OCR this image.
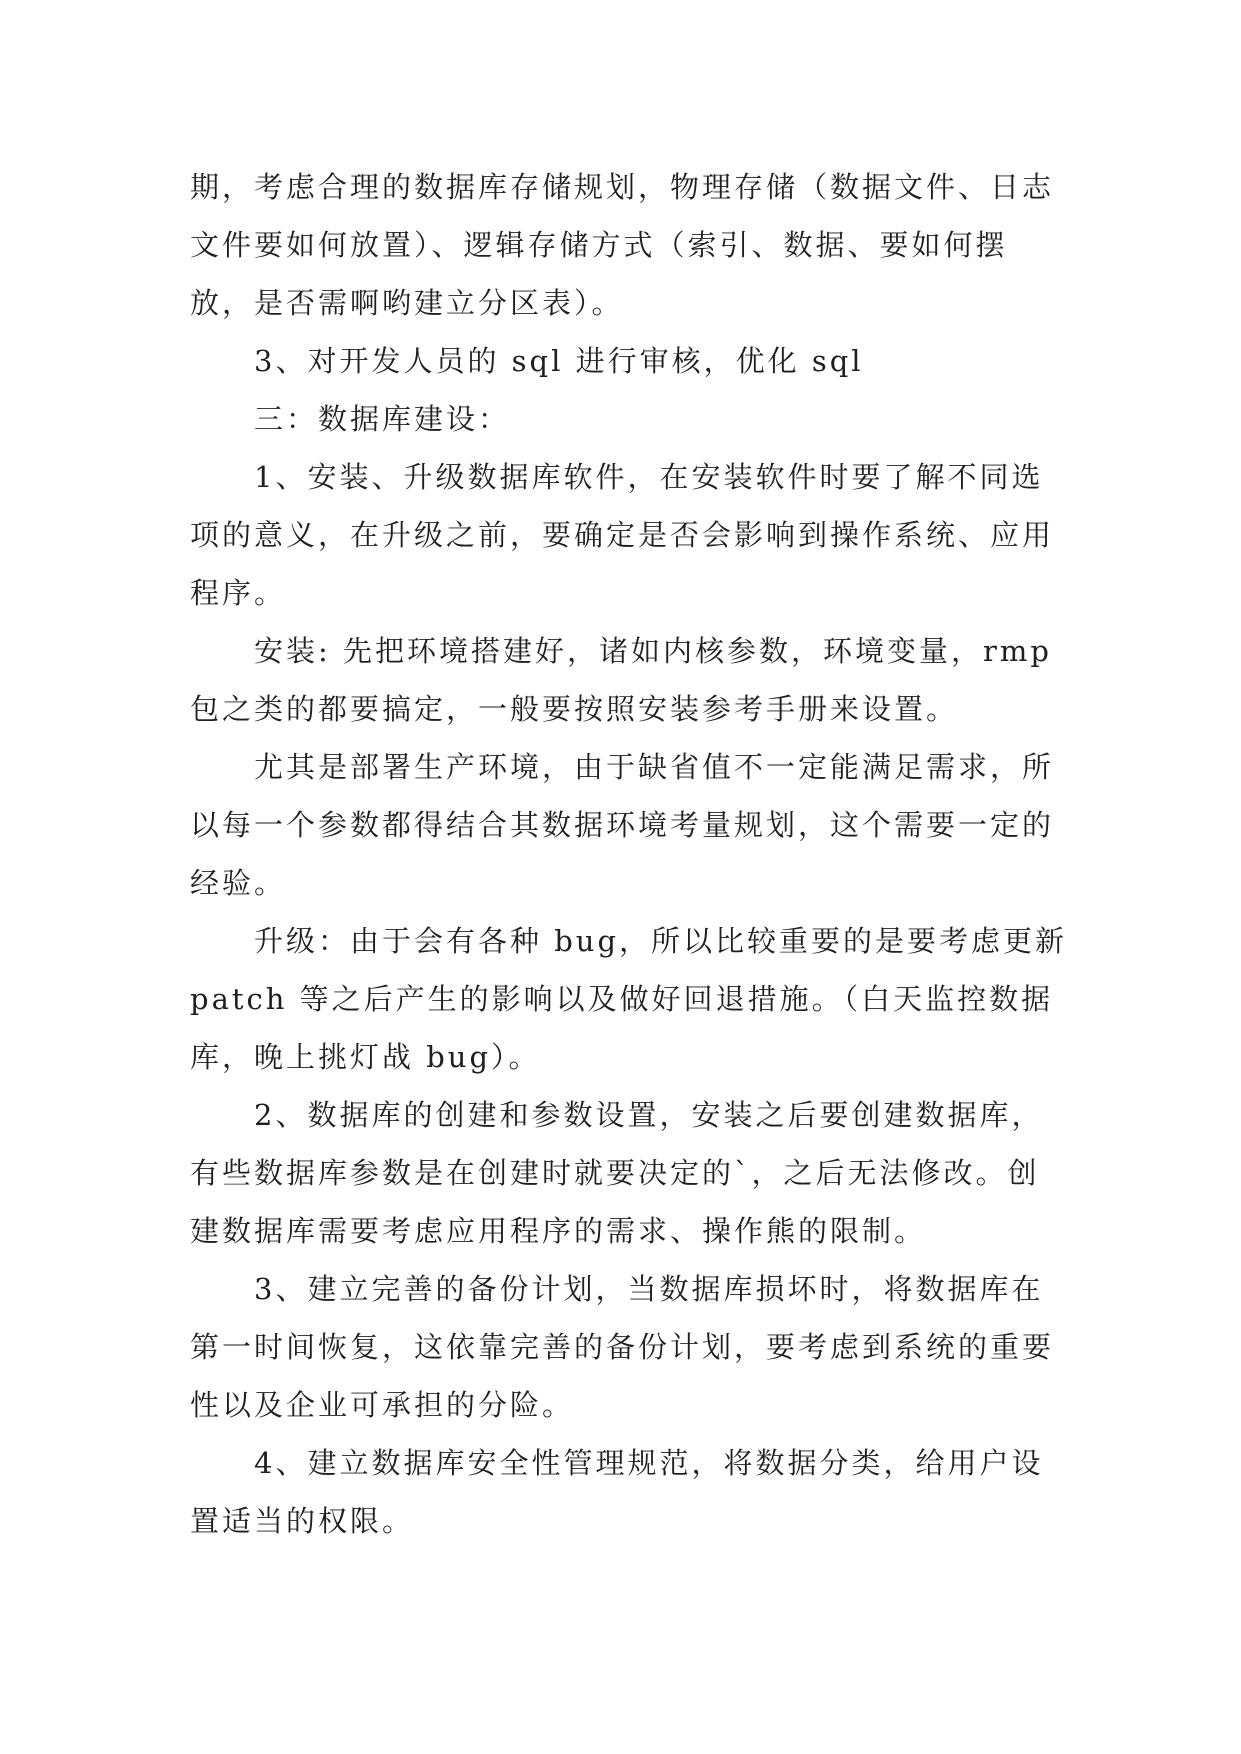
期，考虑合理的数据库存储规划，物理存储（数据文件、日志文件要如何放置）、逻辑存储方式（索引、数据、要如何摆放，是否需啊哟建立分区表）。

3、对开发人员的 sql 进行审核，优化 sql

三：数据库建设：

1、安装、升级数据库软件，在安装软件时要了解不同选项的意义，在升级之前，要确定是否会影响到操作系统、应用程序。

安装: 先把环境搭建好，诸如内核参数，环境变量，rmp 包之类的都要搞定，一般要按照安装参考手册来设置。

尤其是部署生产环境，由于缺省值不一定能满足需求，所以每一个参数都得结合其数据环境考量规划，这个需要一定的经验。

升级：由于会有各种 bug，所以比较重要的是要考虑更新 patch 等之后产生的影响以及做好回退措施。（白天监控数据库，晚上挑灯战 bug）。

2、数据库的创建和参数设置，安装之后要创建数据库，有些数据库参数是在创建时就要决定的`，之后无法修改。创建数据库需要考虑应用程序的需求、操作熊的限制。

3、建立完善的备份计划，当数据库损坏时，将数据库在第一时间恢复，这依靠完善的备份计划，要考虑到系统的重要性以及企业可承担的分险。

4、建立数据库安全性管理规范，将数据分类，给用户设置适当的权限。
